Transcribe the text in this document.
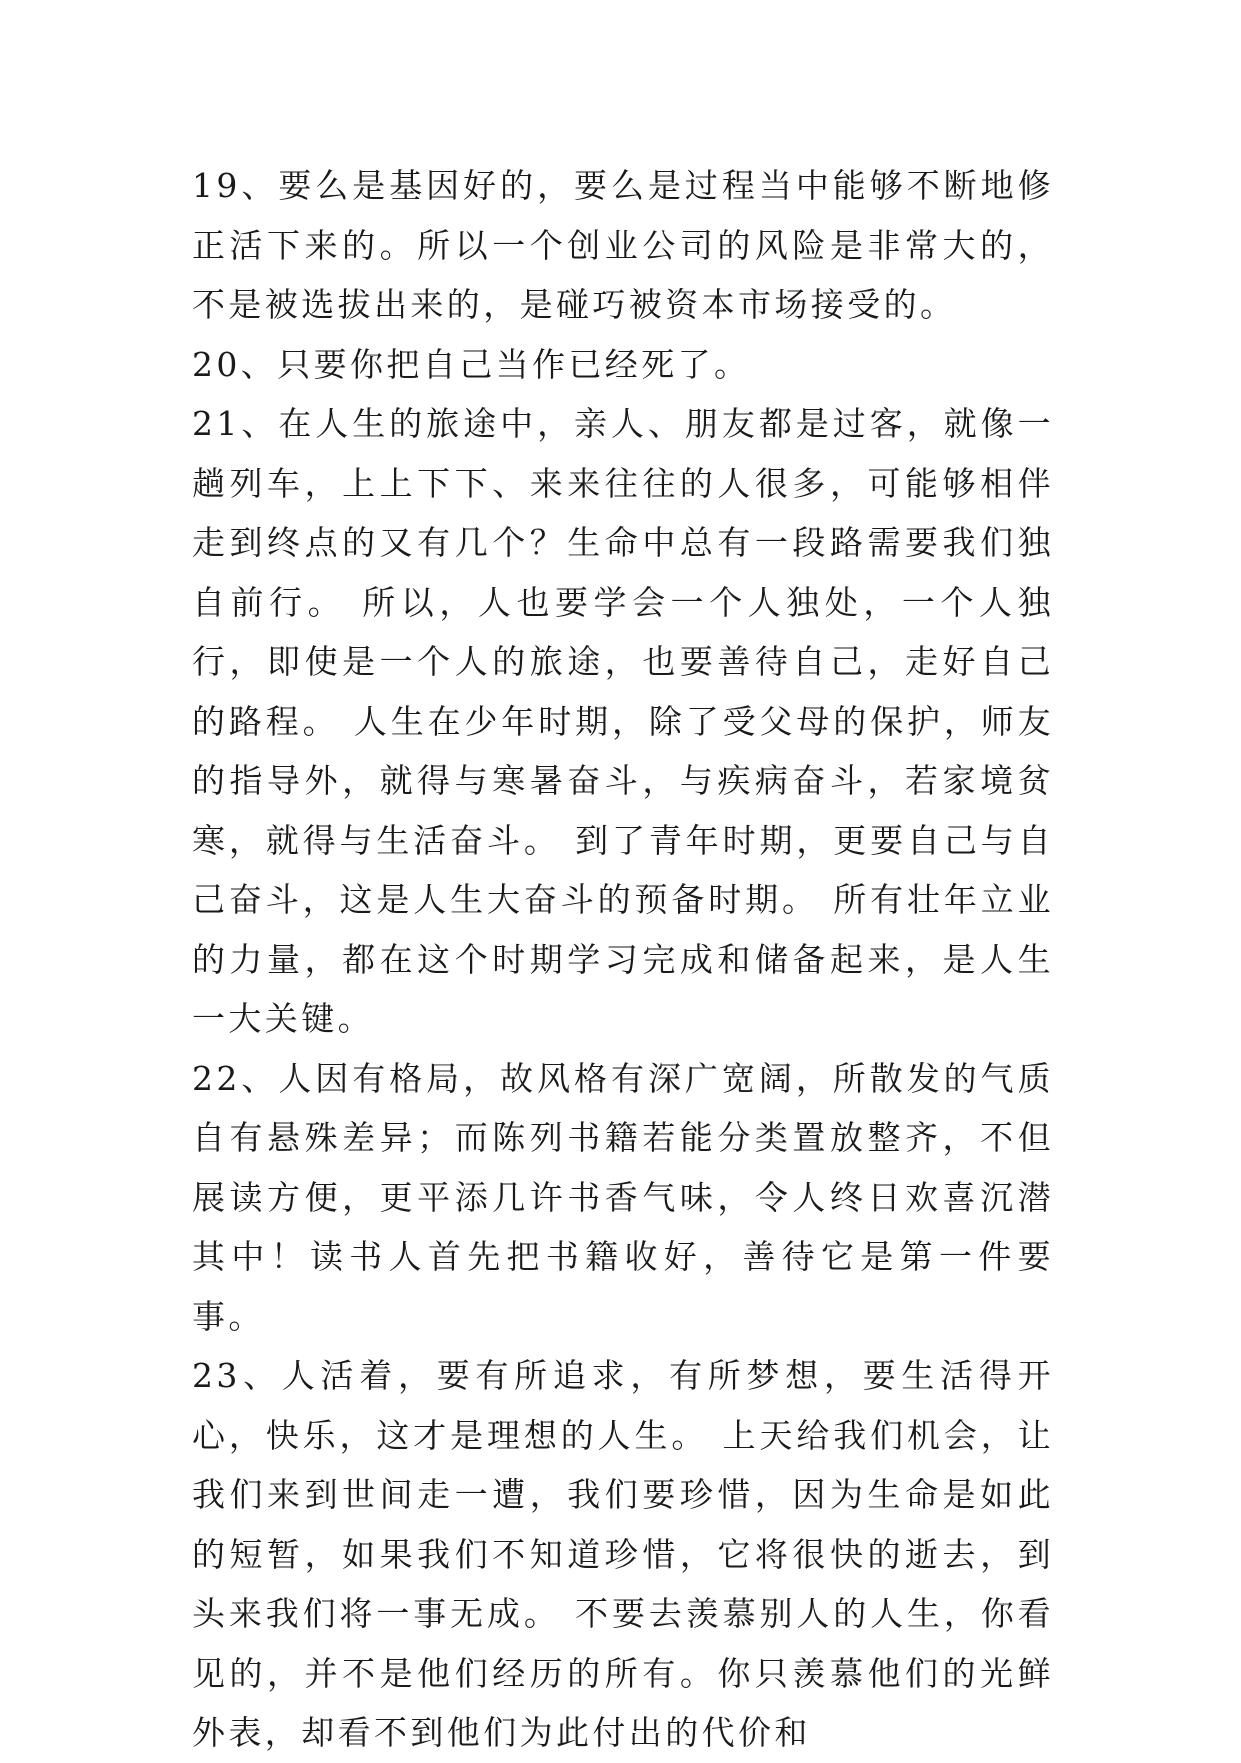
19、要么是基因好的，要么是过程当中能够不断地修正活下来的。所以一个创业公司的风险是非常大的，不是被选拔出来的，是碰巧被资本市场接受的。

20、只要你把自己当作已经死了。

21、在人生的旅途中，亲人、朋友都是过客，就像一趟列车，上上下下、来来往往的人很多，可能够相伴走到终点的又有几个？生命中总有一段路需要我们独自前行。 所以，人也要学会一个人独处，一个人独行，即使是一个人的旅途，也要善待自己，走好自己的路程。 人生在少年时期，除了受父母的保护，师友的指导外，就得与寒暑奋斗，与疾病奋斗，若家境贫寒，就得与生活奋斗。 到了青年时期，更要自己与自己奋斗，这是人生大奋斗的预备时期。 所有壮年立业的力量，都在这个时期学习完成和储备起来，是人生一大关键。

22、人因有格局，故风格有深广宽阔，所散发的气质自有悬殊差异；而陈列书籍若能分类置放整齐，不但展读方便，更平添几许书香气味，令人终日欢喜沉潜其中！读书人首先把书籍收好，善待它是第一件要事。

23、人活着，要有所追求，有所梦想，要生活得开心，快乐，这才是理想的人生。 上天给我们机会，让我们来到世间走一遭，我们要珍惜，因为生命是如此的短暂，如果我们不知道珍惜，它将很快的逝去，到头来我们将一事无成。 不要去羡慕别人的人生，你看见的，并不是他们经历的所有。你只羡慕他们的光鲜外表，却看不到他们为此付出的代价和
